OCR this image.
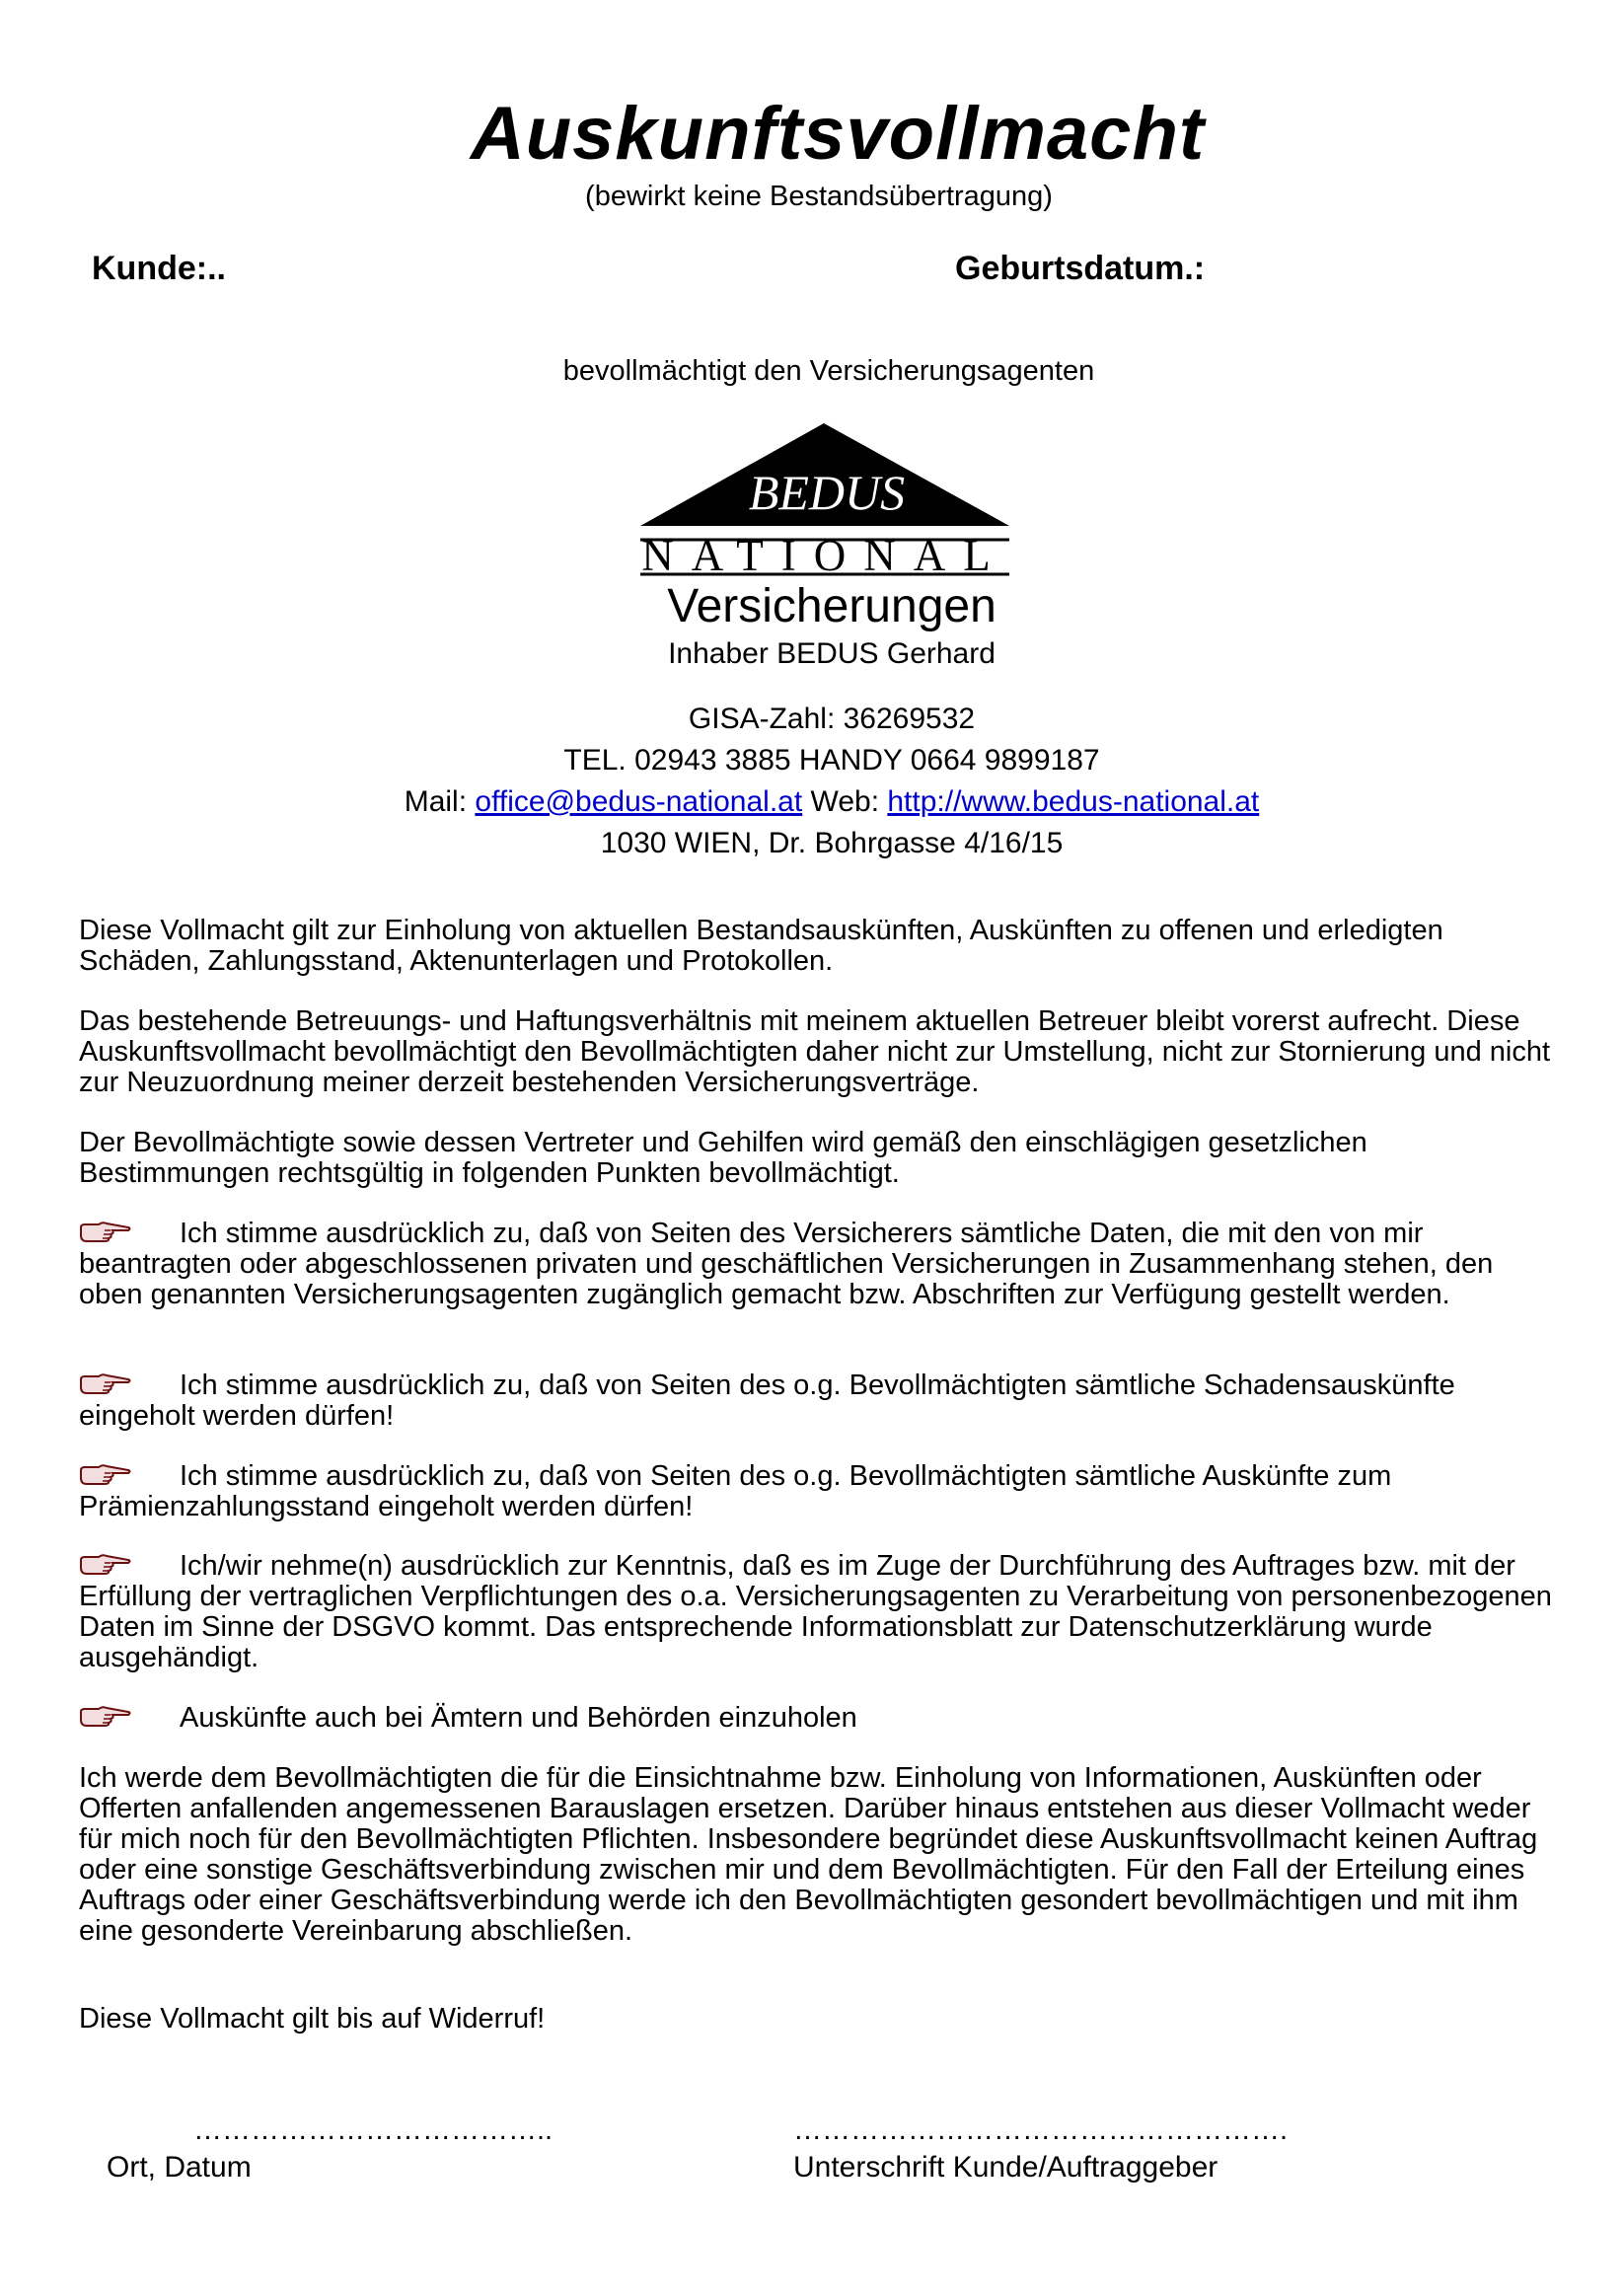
Auskunftsvollmacht
(bewirkt keine Bestandsübertragung)
Kunde:..	Geburtsdatum.:
bevollmächtigt den Versicherungsagenten
BEDUS
NATIONAL
Versicherungen
Inhaber BEDUS Gerhard
GISA-Zahl: 36269532
TEL. 02943 3885 HANDY 0664 9899187
Mail: office@bedus-national.at Web: http://www.bedus-national.at
1030 WIEN, Dr. Bohrgasse 4/16/15
Diese Vollmacht gilt zur Einholung von aktuellen Bestandsauskünften, Auskünften zu offenen und erledigten Schäden, Zahlungsstand, Aktenunterlagen und Protokollen.
Das bestehende Betreuungs- und Haftungsverhältnis mit meinem aktuellen Betreuer bleibt vorerst aufrecht. Diese Auskunftsvollmacht bevollmächtigt den Bevollmächtigten daher nicht zur Umstellung, nicht zur Stornierung und nicht zur Neuzuordnung meiner derzeit bestehenden Versicherungsverträge.
Der Bevollmächtigte sowie dessen Vertreter und Gehilfen wird gemäß den einschlägigen gesetzlichen Bestimmungen rechtsgültig in folgenden Punkten bevollmächtigt.
Ich stimme ausdrücklich zu, daß von Seiten des Versicherers sämtliche Daten, die mit den von mir beantragten oder abgeschlossenen privaten und geschäftlichen Versicherungen in Zusammenhang stehen, den oben genannten Versicherungsagenten zugänglich gemacht bzw. Abschriften zur Verfügung gestellt werden.
Ich stimme ausdrücklich zu, daß von Seiten des o.g. Bevollmächtigten sämtliche Schadensauskünfte eingeholt werden dürfen!
Ich stimme ausdrücklich zu, daß von Seiten des o.g. Bevollmächtigten sämtliche Auskünfte zum Prämienzahlungsstand eingeholt werden dürfen!
Ich/wir nehme(n) ausdrücklich zur Kenntnis, daß es im Zuge der Durchführung des Auftrages bzw. mit der Erfüllung der vertraglichen Verpflichtungen des o.a. Versicherungsagenten zu Verarbeitung von personenbezogenen Daten im Sinne der DSGVO kommt. Das entsprechende Informationsblatt zur Datenschutzerklärung wurde ausgehändigt.
Auskünfte auch bei Ämtern und Behörden einzuholen
Ich werde dem Bevollmächtigten die für die Einsichtnahme bzw. Einholung von Informationen, Auskünften oder Offerten anfallenden angemessenen Barauslagen ersetzen. Darüber hinaus entstehen aus dieser Vollmacht weder für mich noch für den Bevollmächtigten Pflichten. Insbesondere begründet diese Auskunftsvollmacht keinen Auftrag oder eine sonstige Geschäftsverbindung zwischen mir und dem Bevollmächtigten. Für den Fall der Erteilung eines Auftrags oder einer Geschäftsverbindung werde ich den Bevollmächtigten gesondert bevollmächtigen und mit ihm eine gesonderte Vereinbarung abschließen.
Diese Vollmacht gilt bis auf Widerruf!
………………………………..	…………………………………………….
Ort, Datum	Unterschrift Kunde/Auftraggeber
